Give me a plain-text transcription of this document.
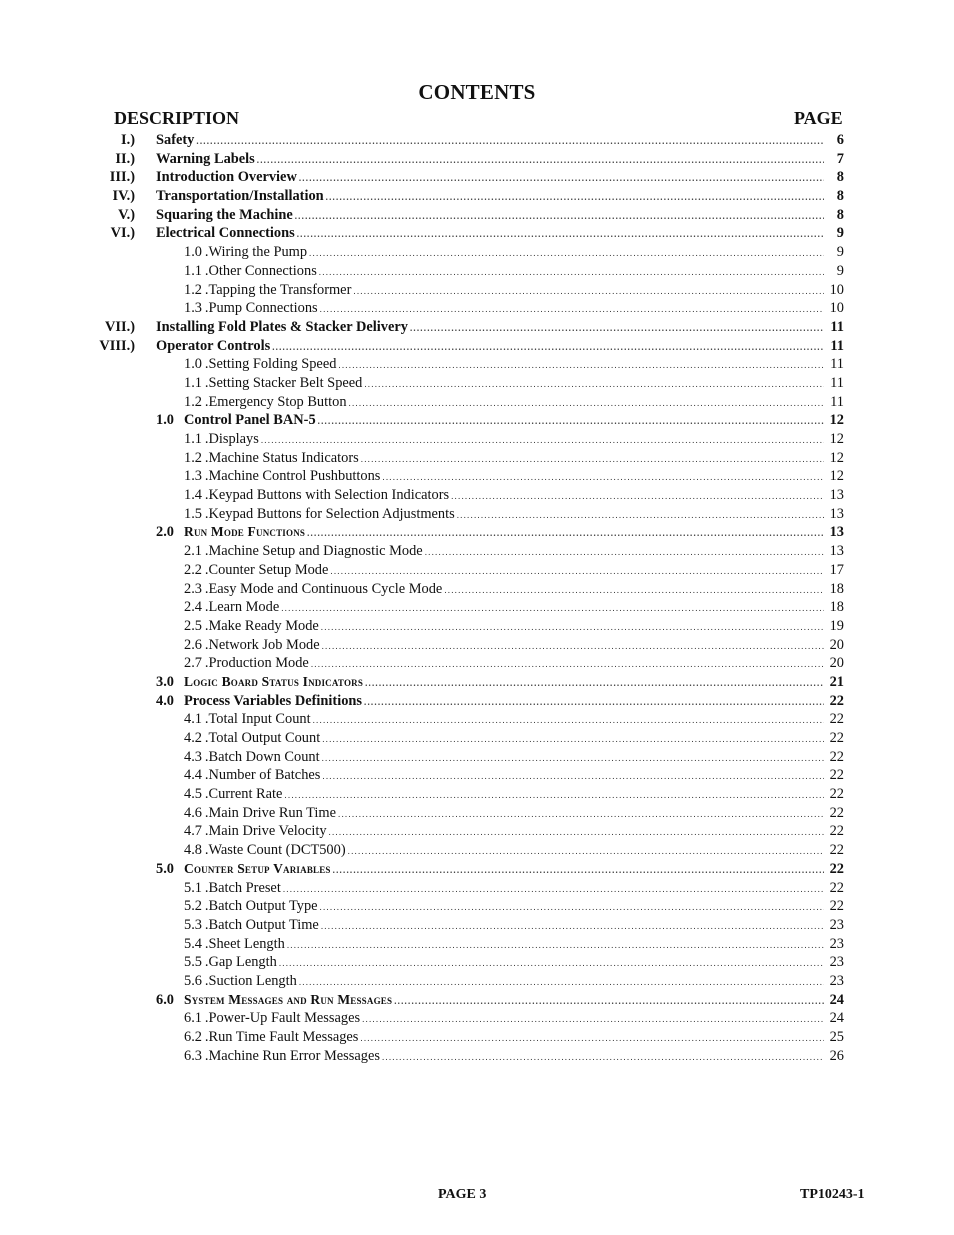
CONTENTS
DESCRIPTION	PAGE
I.) Safety .....	6
II.) Warning Labels .....	7
III.) Introduction Overview .....	8
IV.) Transportation/Installation .....	8
V.) Squaring the Machine .....	8
VI.) Electrical Connections .....	9
1.0  . Wiring the Pump .....	9
1.1  . Other Connections .....	9
1.2  . Tapping the Transformer .....	10
1.3  . Pump Connections .....	10
VII.) Installing Fold Plates & Stacker Delivery .....	11
VIII.) Operator Controls .....	11
1.0  . Setting Folding Speed .....	11
1.1  . Setting Stacker Belt Speed .....	11
1.2  . Emergency Stop Button .....	11
1.0 Control Panel BAN-5 .....	12
1.1  . Displays .....	12
1.2  . Machine Status Indicators .....	12
1.3  . Machine Control Pushbuttons .....	12
1.4  . Keypad Buttons with Selection Indicators .....	13
1.5  . Keypad Buttons for Selection Adjustments .....	13
2.0 Run Mode Functions .....	13
2.1  . Machine Setup and Diagnostic Mode .....	13
2.2  . Counter Setup Mode .....	17
2.3  . Easy Mode and Continuous Cycle Mode .....	18
2.4  . Learn Mode .....	18
2.5  . Make Ready Mode .....	19
2.6  . Network Job Mode .....	20
2.7  . Production Mode .....	20
3.0 Logic Board Status Indicators .....	21
4.0 Process Variables Definitions .....	22
4.1  . Total Input Count .....	22
4.2  . Total Output Count .....	22
4.3  . Batch Down Count .....	22
4.4  . Number of Batches .....	22
4.5  . Current Rate .....	22
4.6  . Main Drive Run Time .....	22
4.7  . Main Drive Velocity .....	22
4.8  . Waste Count (DCT500) .....	22
5.0 Counter Setup Variables .....	22
5.1  . Batch Preset .....	22
5.2  . Batch Output Type .....	22
5.3  . Batch Output Time .....	23
5.4  . Sheet Length .....	23
5.5  . Gap Length .....	23
5.6  . Suction Length .....	23
6.0 System Messages and Run Messages .....	24
6.1  . Power-Up Fault Messages .....	24
6.2  . Run Time Fault Messages .....	25
6.3  . Machine Run Error Messages .....	26
PAGE 3	TP10243-1
